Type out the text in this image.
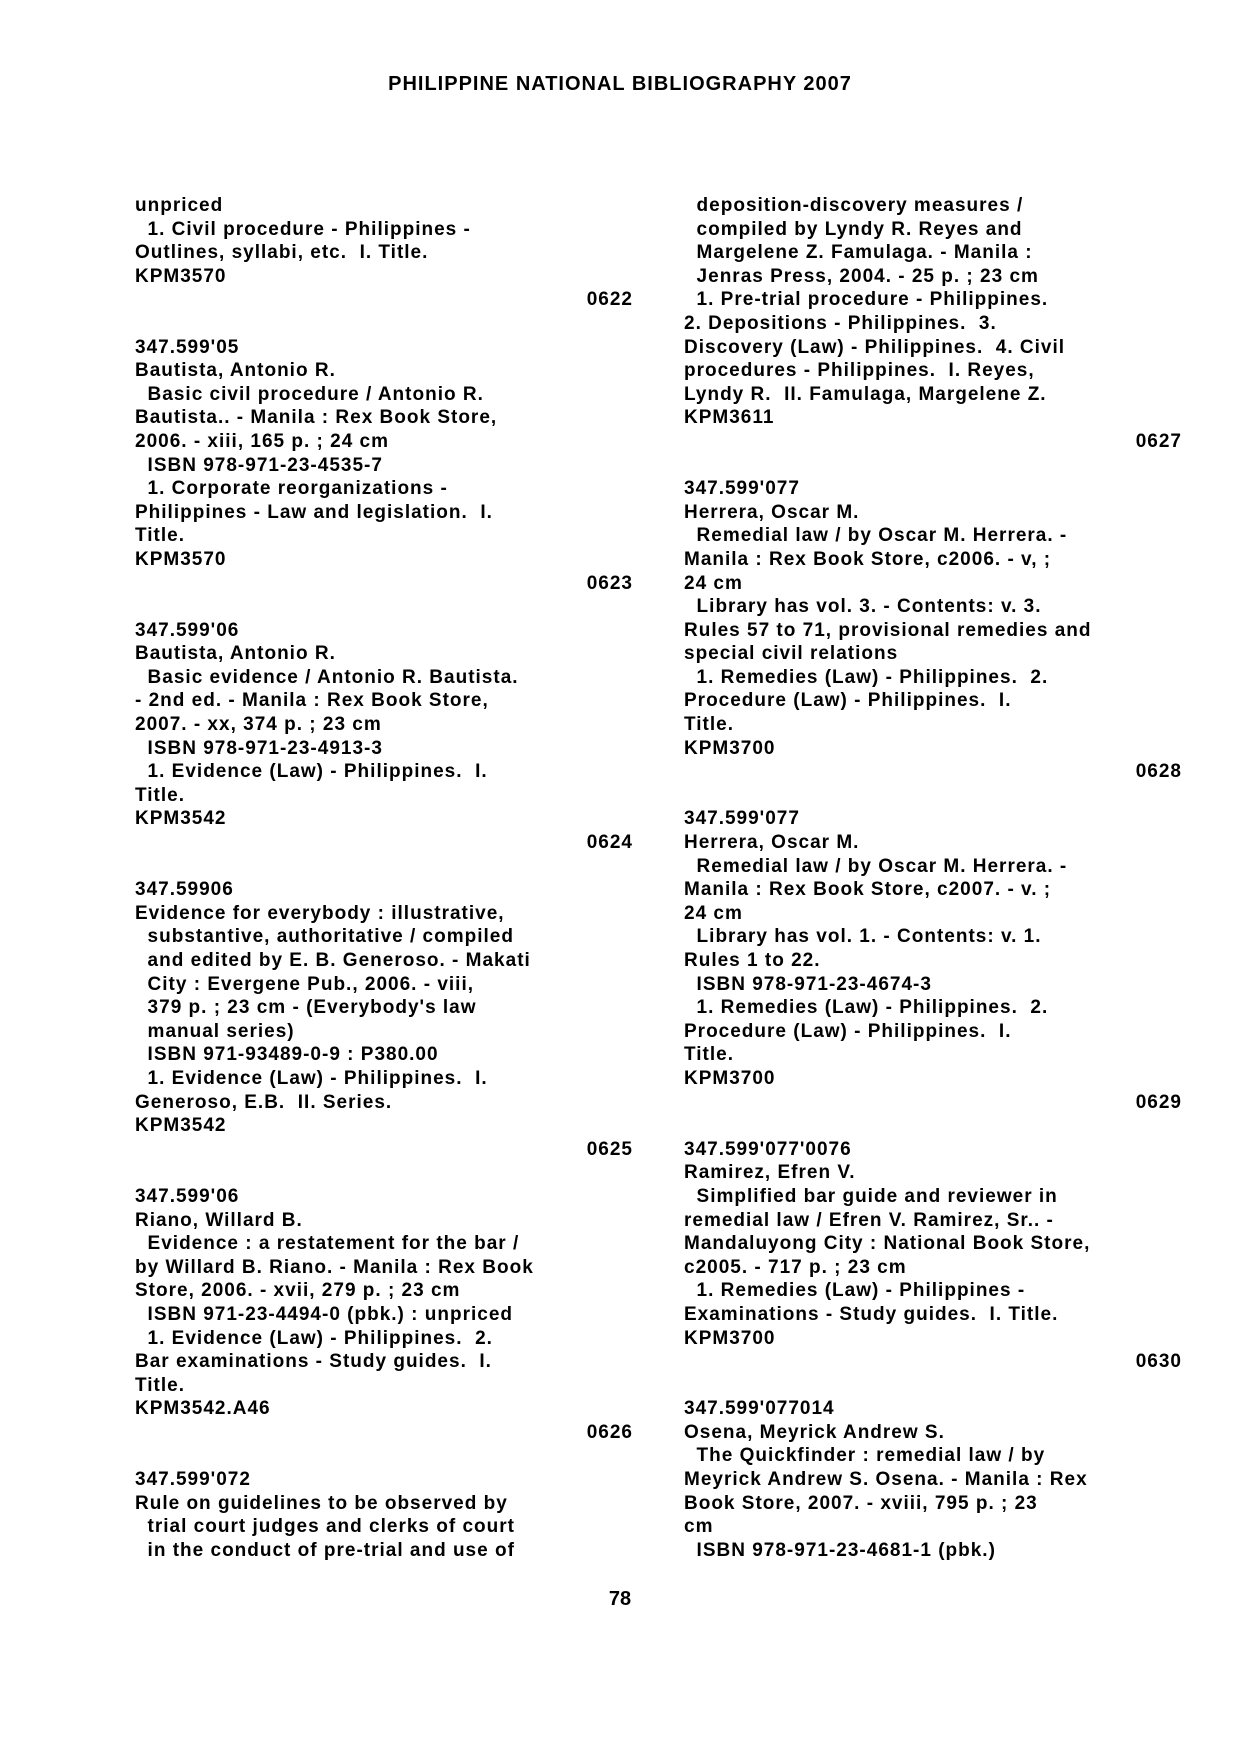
PHILIPPINE NATIONAL BIBLIOGRAPHY 2007
unpriced
1. Civil procedure - Philippines -
Outlines, syllabi, etc.  I. Title.
KPM3570
0622
347.599'05
Bautista, Antonio R.
Basic civil procedure / Antonio R.
Bautista.. - Manila : Rex Book Store,
2006. - xiii, 165 p. ; 24 cm
ISBN 978-971-23-4535-7
1. Corporate reorganizations -
Philippines - Law and legislation.  I.
Title.
KPM3570
0623
347.599'06
Bautista, Antonio R.
Basic evidence / Antonio R. Bautista.
- 2nd ed. - Manila : Rex Book Store,
2007. - xx, 374 p. ; 23 cm
ISBN 978-971-23-4913-3
1. Evidence (Law) - Philippines.  I.
Title.
KPM3542
0624
347.59906
Evidence for everybody : illustrative,
substantive, authoritative / compiled
and edited by E. B. Generoso. - Makati
City : Evergene Pub., 2006. - viii,
379 p. ; 23 cm - (Everybody's law
manual series)
ISBN 971-93489-0-9 : P380.00
1. Evidence (Law) - Philippines.  I.
Generoso, E.B.  II. Series.
KPM3542
0625
347.599'06
Riano, Willard B.
Evidence : a restatement for the bar /
by Willard B. Riano. - Manila : Rex Book
Store, 2006. - xvii, 279 p. ; 23 cm
ISBN 971-23-4494-0 (pbk.) : unpriced
1. Evidence (Law) - Philippines.  2.
Bar examinations - Study guides.  I.
Title.
KPM3542.A46
0626
347.599'072
Rule on guidelines to be observed by
trial court judges and clerks of court
in the conduct of pre-trial and use of
deposition-discovery measures /
compiled by Lyndy R. Reyes and
Margelene Z. Famulaga. - Manila :
Jenras Press, 2004. - 25 p. ; 23 cm
1. Pre-trial procedure - Philippines.
2. Depositions - Philippines.  3.
Discovery (Law) - Philippines.  4. Civil
procedures - Philippines.  I. Reyes,
Lyndy R.  II. Famulaga, Margelene Z.
KPM3611
0627
347.599'077
Herrera, Oscar M.
Remedial law / by Oscar M. Herrera. -
Manila : Rex Book Store, c2006. - v, ;
24 cm
Library has vol. 3. - Contents: v. 3.
Rules 57 to 71, provisional remedies and
special civil relations
1. Remedies (Law) - Philippines.  2.
Procedure (Law) - Philippines.  I.
Title.
KPM3700
0628
347.599'077
Herrera, Oscar M.
Remedial law / by Oscar M. Herrera. -
Manila : Rex Book Store, c2007. - v. ;
24 cm
Library has vol. 1. - Contents: v. 1.
Rules 1 to 22.
ISBN 978-971-23-4674-3
1. Remedies (Law) - Philippines.  2.
Procedure (Law) - Philippines.  I.
Title.
KPM3700
0629
347.599'077'0076
Ramirez, Efren V.
Simplified bar guide and reviewer in
remedial law / Efren V. Ramirez, Sr.. -
Mandaluyong City : National Book Store,
c2005. - 717 p. ; 23 cm
1. Remedies (Law) - Philippines -
Examinations - Study guides.  I. Title.
KPM3700
0630
347.599'077014
Osena, Meyrick Andrew S.
The Quickfinder : remedial law / by
Meyrick Andrew S. Osena. - Manila : Rex
Book Store, 2007. - xviii, 795 p. ; 23
cm
ISBN 978-971-23-4681-1 (pbk.)
78
